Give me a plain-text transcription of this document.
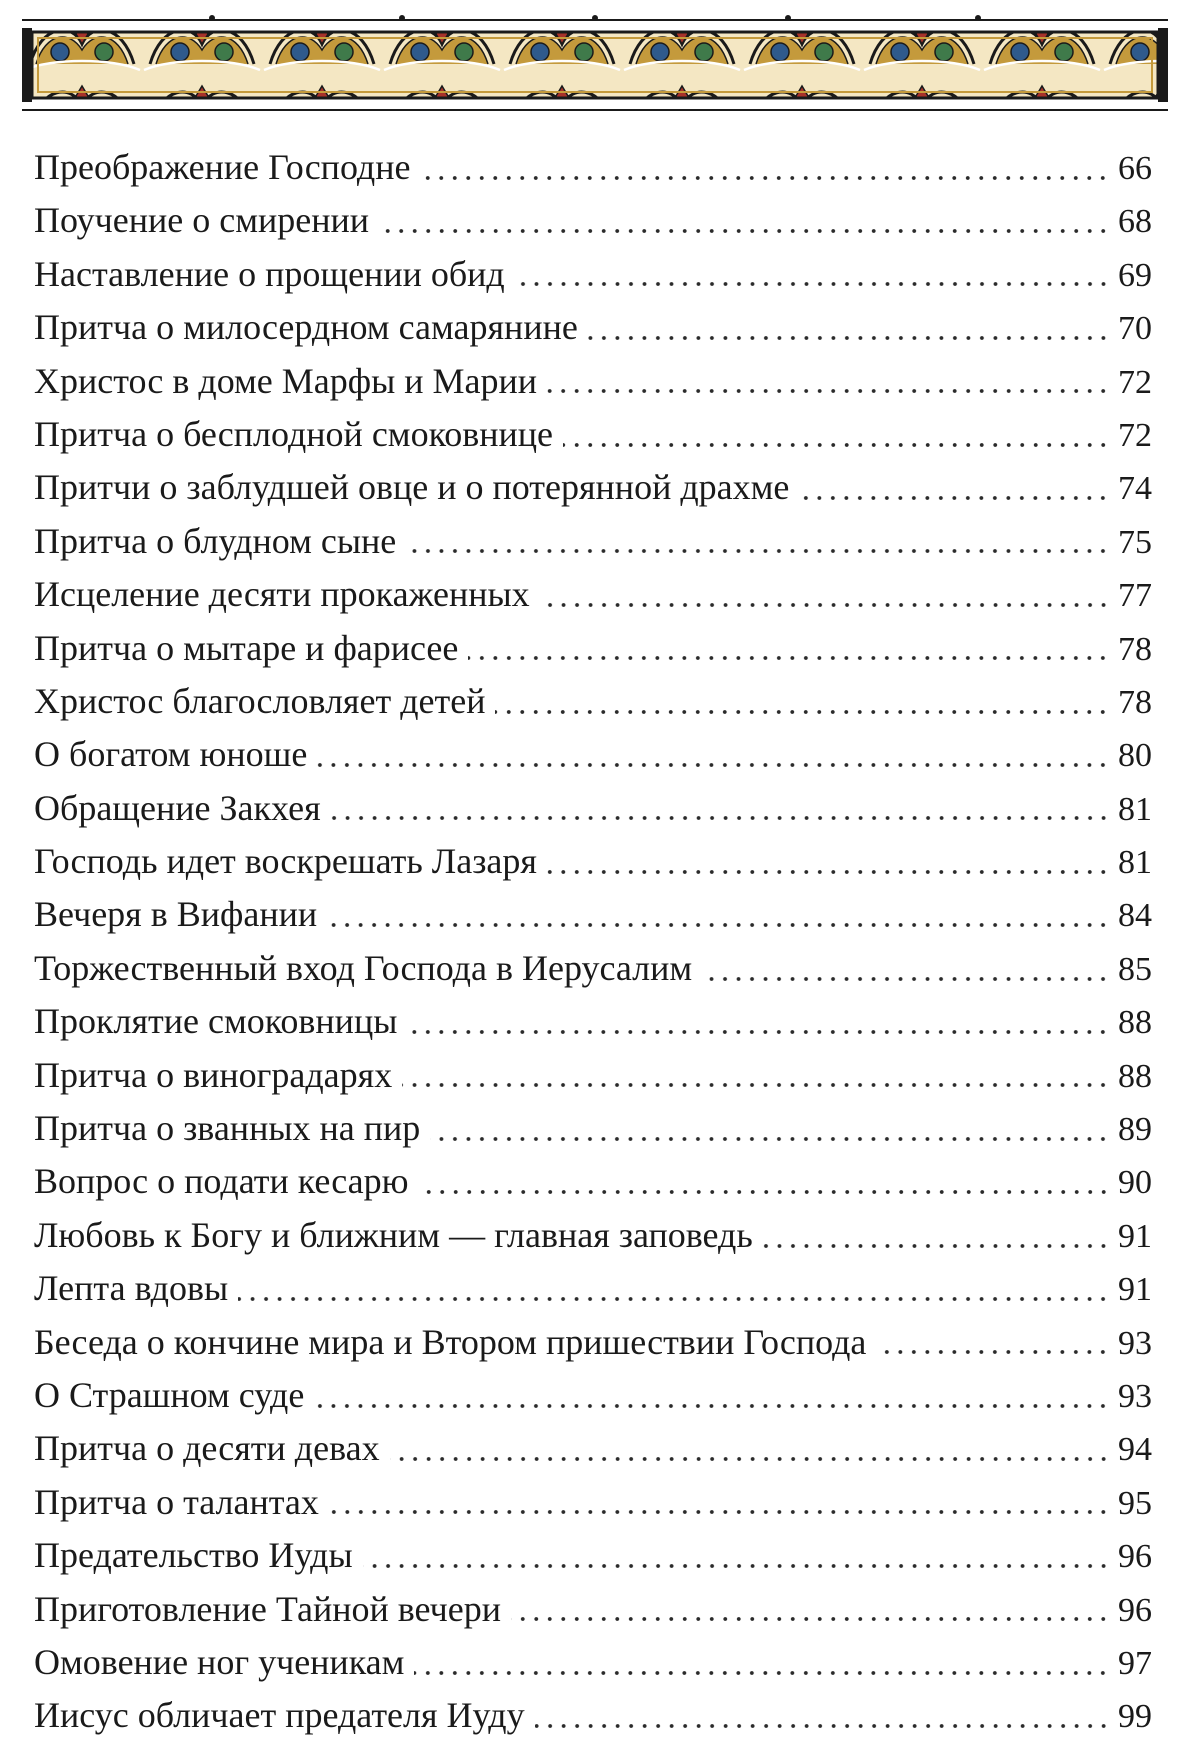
Преображение Господне	66
Поучение о смирении	68
Наставление о прощении обид	69
Притча о милосердном самарянине	70
Христос в доме Марфы и Марии	72
Притча о бесплодной смоковнице	72
Притчи о заблудшей овце и о потерянной драхме	74
Притча о блудном сыне	75
Исцеление десяти прокаженных	77
Притча о мытаре и фарисее	78
Христос благословляет детей	78
О богатом юноше	80
Обращение Закхея	81
Господь идет воскрешать Лазаря	81
Вечеря в Вифании	84
Торжественный вход Господа в Иерусалим	85
Проклятие смоковницы	88
Притча о виноградарях	88
Притча о званных на пир	89
Вопрос о подати кесарю	90
Любовь к Богу и ближним — главная заповедь	91
Лепта вдовы	91
Беседа о кончине мира и Втором пришествии Господа	93
О Страшном суде	93
Притча о десяти девах	94
Притча о талантах	95
Предательство Иуды	96
Приготовление Тайной вечери	96
Омовение ног ученикам	97
Иисус обличает предателя Иуду	99
